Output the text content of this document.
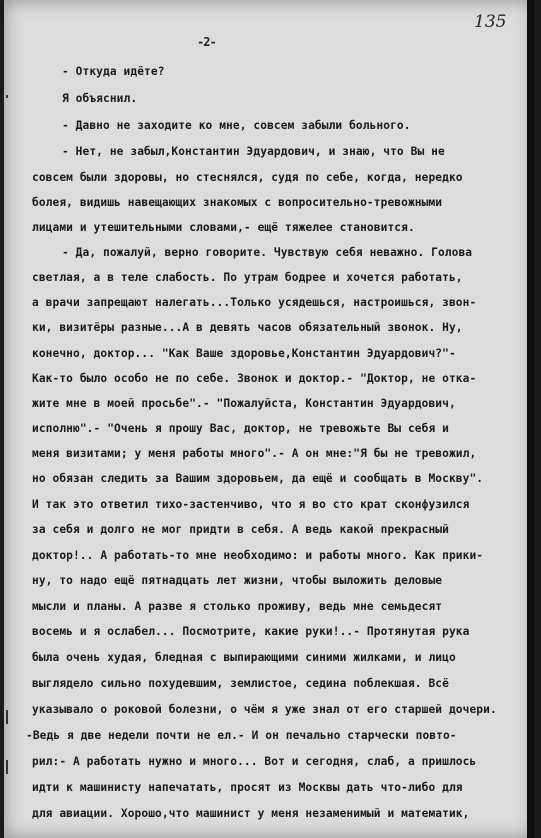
135
-2-
- Откуда идёте?
Я объяснил.
- Давно не заходите ко мне, совсем забыли больного.
- Нет, не забыл,Константин Эдуардович, и знаю, что Вы не
совсем были здоровы, но стеснялся, судя по себе, когда, нередко
болея, видишь навещающих знакомых с вопросительно-тревожными
лицами и утешительными словами,- ещё тяжелее становится.
- Да, пожалуй, верно говорите. Чувствую себя неважно. Голова
светлая, а в теле слабость. По утрам бодрее и хочется работать,
а врачи запрещают налегать...Только усядешься, настроишься, звон-
ки, визитёры разные...А в девять часов обязательный звонок. Ну,
конечно, доктор... "Как Ваше здоровье,Константин Эдуардович?"-
Как-то было особо не по себе. Звонок и доктор.- "Доктор, не отка-
жите мне в моей просьбе".- "Пожалуйста, Константин Эдуардович,
исполню".- "Очень я прошу Вас, доктор, не тревожьте Вы себя и
меня визитами; у меня работы много".- А он мне:"Я бы не тревожил,
но обязан следить за Вашим здоровьем, да ещё и сообщать в Москву".
И так это ответил тихо-застенчиво, что я во сто крат сконфузился
за себя и долго не мог придти в себя. А ведь какой прекрасный
доктор!.. А работать-то мне необходимо: и работы много. Как прики-
ну, то надо ещё пятнадцать лет жизни, чтобы выложить деловые
мысли и планы. А разве я столько проживу, ведь мне семьдесят
восемь и я ослабел... Посмотрите, какие руки!..- Протянутая рука
была очень худая, бледная с выпирающими синими жилками, и лицо
выглядело сильно похудевшим, землистое, седина поблекшая. Всё
указывало о роковой болезни, о чём я уже знал от его старшей дочери.
-Ведь я две недели почти не ел.- И он печально старчески повто-
рил:- А работать нужно и много... Вот и сегодня, слаб, а пришлось
идти к машинисту напечатать, просят из Москвы дать что-либо для
для авиации. Хорошо,что машинист у меня незаменимый и математик,
